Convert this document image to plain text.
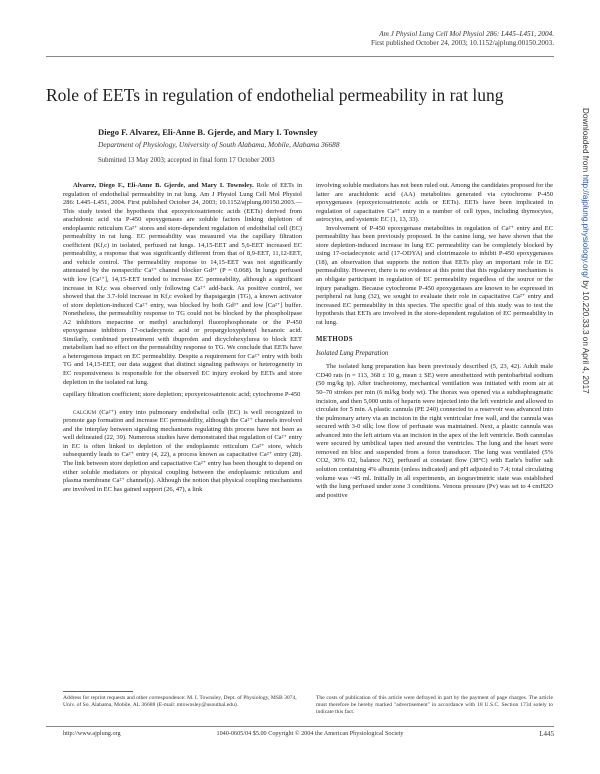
Am J Physiol Lung Cell Mol Physiol 286: L445–L451, 2004.
First published October 24, 2003; 10.1152/ajplung.00150.2003.
Role of EETs in regulation of endothelial permeability in rat lung
Diego F. Alvarez, Eli-Anne B. Gjerde, and Mary I. Townsley
Department of Physiology, University of South Alabama, Mobile, Alabama 36688
Submitted 13 May 2003; accepted in final form 17 October 2003

Alvarez, Diego F., Eli-Anne B. Gjerde, and Mary I. Townsley. Role of EETs in regulation of endothelial permeability in rat lung. Am J Physiol Lung Cell Mol Physiol 286: L445–L451, 2004. First published October 24, 2003; 10.1152/ajplung.00150.2003.—This study tested the hypothesis that epoxyeicosatrienoic acids (EETs) derived from arachidonic acid via P-450 epoxygenases are soluble factors linking depletion of endoplasmic reticulum Ca²⁺ stores and store-dependent regulation of endothelial cell (EC) permeability in rat lung. EC permeability was measured via the capillary filtration coefficient (Kf,c) in isolated, perfused rat lungs. 14,15-EET and 5,6-EET increased EC permeability, a response that was significantly different from that of 8,9-EET, 11,12-EET, and vehicle control. The permeability response to 14,15-EET was not significantly attenuated by the nonspecific Ca²⁺ channel blocker Gd³⁺ (P = 0.068). In lungs perfused with low [Ca²⁺], 14,15-EET tended to increase EC permeability, although a significant increase in Kf,c was observed only following Ca²⁺ add-back. As positive control, we showed that the 3.7-fold increase in Kf,c evoked by thapsigargin (TG), a known activator of store depletion-induced Ca²⁺ entry, was blocked by both Gd³⁺ and low [Ca²⁺] buffer. Nonetheless, the permeability response to TG could not be blocked by the phospholipase A2 inhibitors mepacrine or methyl arachidonyl fluorophosphonate or the P-450 epoxygenase inhibitors 17-octadecynoic acid or propargyloxyphenyl hexanoic acid. Similarly, combined pretreatment with ibuprofen and dicyclohexylurea to block EET metabolism had no effect on the permeability response to TG. We conclude that EETs have a heterogenous impact on EC permeability. Despite a requirement for Ca²⁺ entry with both TG and 14,15-EET, our data suggest that distinct signaling pathways or heterogeneity in EC responsiveness is responsible for the observed EC injury evoked by EETs and store depletion in the isolated rat lung.

capillary filtration coefficient; store depletion; epoxyeicosatrienoic acid; cytochrome P-450

calcium (Ca²⁺) entry into pulmonary endothelial cells (EC) is well recognized to promote gap formation and increase EC permeability, although the Ca²⁺ channels involved and the interplay between signaling mechanisms regulating this process have not been as well delineated (22, 39). Numerous studies have demonstrated that regulation of Ca²⁺ entry in EC is often linked to depletion of the endoplasmic reticulum Ca²⁺ store, which subsequently leads to Ca²⁺ entry (4, 22), a process known as capacitative Ca²⁺ entry (28). The link between store depletion and capacitative Ca²⁺ entry has been thought to depend on either soluble mediators or physical coupling between the endoplasmic reticulum and plasma membrane Ca²⁺ channel(s). Although the notion that physical coupling mechanisms are involved in EC has gained support (26, 47), a link

involving soluble mediators has not been ruled out. Among the candidates proposed for the latter are arachidonic acid (AA) metabolites generated via cytochrome P-450 epoxygenases (epoxyeicosatrienoic acids or EETs). EETs have been implicated in regulation of capacitative Ca²⁺ entry in a number of cell types, including thymocytes, astrocytes, and systemic EC (1, 13, 33).

Involvement of P-450 epoxygenase metabolites in regulation of Ca²⁺ entry and EC permeability has been previously proposed. In the canine lung, we have shown that the store depletion-induced increase in lung EC permeability can be completely blocked by using 17-octadecynoic acid (17-ODYA) and clotrimazole to inhibit P-450 epoxygenases (18), an observation that supports the notion that EETs play an important role in EC permeability. However, there is no evidence at this point that this regulatory mechanism is an obligate participant in regulation of EC permeability regardless of the source or the injury paradigm. Because cytochrome P-450 epoxygenases are known to be expressed in peripheral rat lung (32), we sought to evaluate their role in capacitative Ca²⁺ entry and increased EC permeability in this species. The specific goal of this study was to test the hypothesis that EETs are involved in the store-dependent regulation of EC permeability in rat lung.

METHODS

Isolated Lung Preparation

The isolated lung preparation has been previously described (5, 23, 42). Adult male CD40 rats (n = 113, 368 ± 10 g, mean ± SE) were anesthetized with pentobarbital sodium (50 mg/kg ip). After tracheotomy, mechanical ventilation was initiated with room air at 50–70 strokes per min (6 ml/kg body wt). The thorax was opened via a subdiaphragmatic incision, and then 5,000 units of heparin were injected into the left ventricle and allowed to circulate for 5 min. A plastic cannula (PE 240) connected to a reservoir was advanced into the pulmonary artery via an incision in the right ventricular free wall, and the cannula was secured with 3-0 silk; low flow of perfusate was maintained. Next, a plastic cannula was advanced into the left atrium via an incision in the apex of the left ventricle. Both cannulas were secured by umbilical tapes tied around the ventricles. The lung and the heart were removed en bloc and suspended from a force transducer. The lung was ventilated (5% CO2, 30% O2, balance N2), perfused at constant flow (38°C) with Earle's buffer salt solution containing 4% albumin (unless indicated) and pH adjusted to 7.4; total circulating volume was ~45 ml. Initially in all experiments, an isogravimetric state was established with the lung perfused under zone 3 conditions. Venous pressure (Pv) was set to 4 cmH2O and positive

Address for reprint requests and other correspondence: M. I. Townsley, Dept. of Physiology, MSB 3074, Univ. of So. Alabama, Mobile, AL 36688 (E-mail: mtownsley@usouthal.edu).
The costs of publication of this article were defrayed in part by the payment of page charges. The article must therefore be hereby marked "advertisement" in accordance with 18 U.S.C. Section 1734 solely to indicate this fact.
http://www.ajplung.org	1040-0605/04 $5.00 Copyright © 2004 the American Physiological Society	L445
Downloaded from http://ajplung.physiology.org/ by 10.220.33.3 on April 4, 2017
